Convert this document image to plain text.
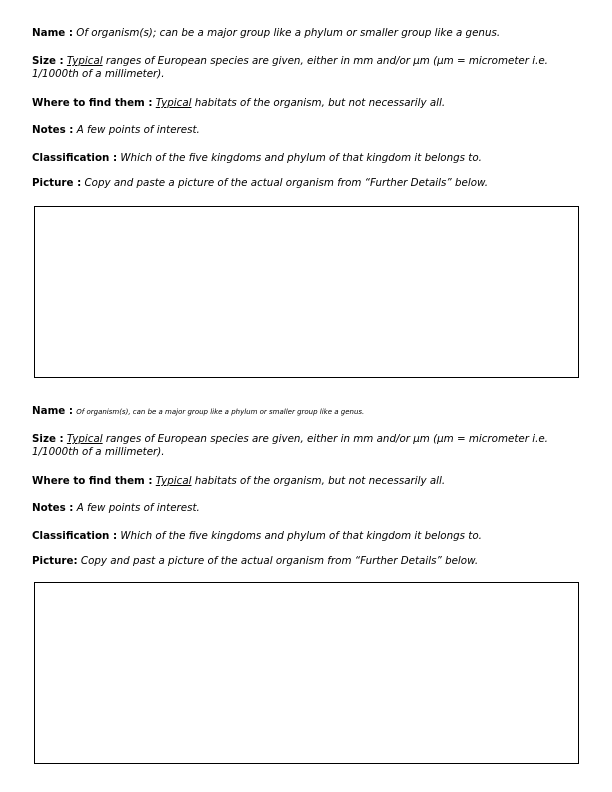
Name : Of organism(s); can be a major group like a phylum or smaller group like a genus.
Size : Typical ranges of European species are given, either in mm and/or µm (µm = micrometer i.e. 1/1000th of a millimeter).
Where to find them : Typical habitats of the organism, but not necessarily all.
Notes : A few points of interest.
Classification : Which of the five kingdoms and phylum of that kingdom it belongs to.
Picture : Copy and paste a picture of the actual organism from “Further Details” below.
Name : Of organism(s), can be a major group like a phylum or smaller group like a genus.
Size : Typical ranges of European species are given, either in mm and/or µm (µm = micrometer i.e. 1/1000th of a millimeter).
Where to find them : Typical habitats of the organism, but not necessarily all.
Notes : A few points of interest.
Classification : Which of the five kingdoms and phylum of that kingdom it belongs to.
Picture: Copy and past a picture of the actual organism from “Further Details” below.
